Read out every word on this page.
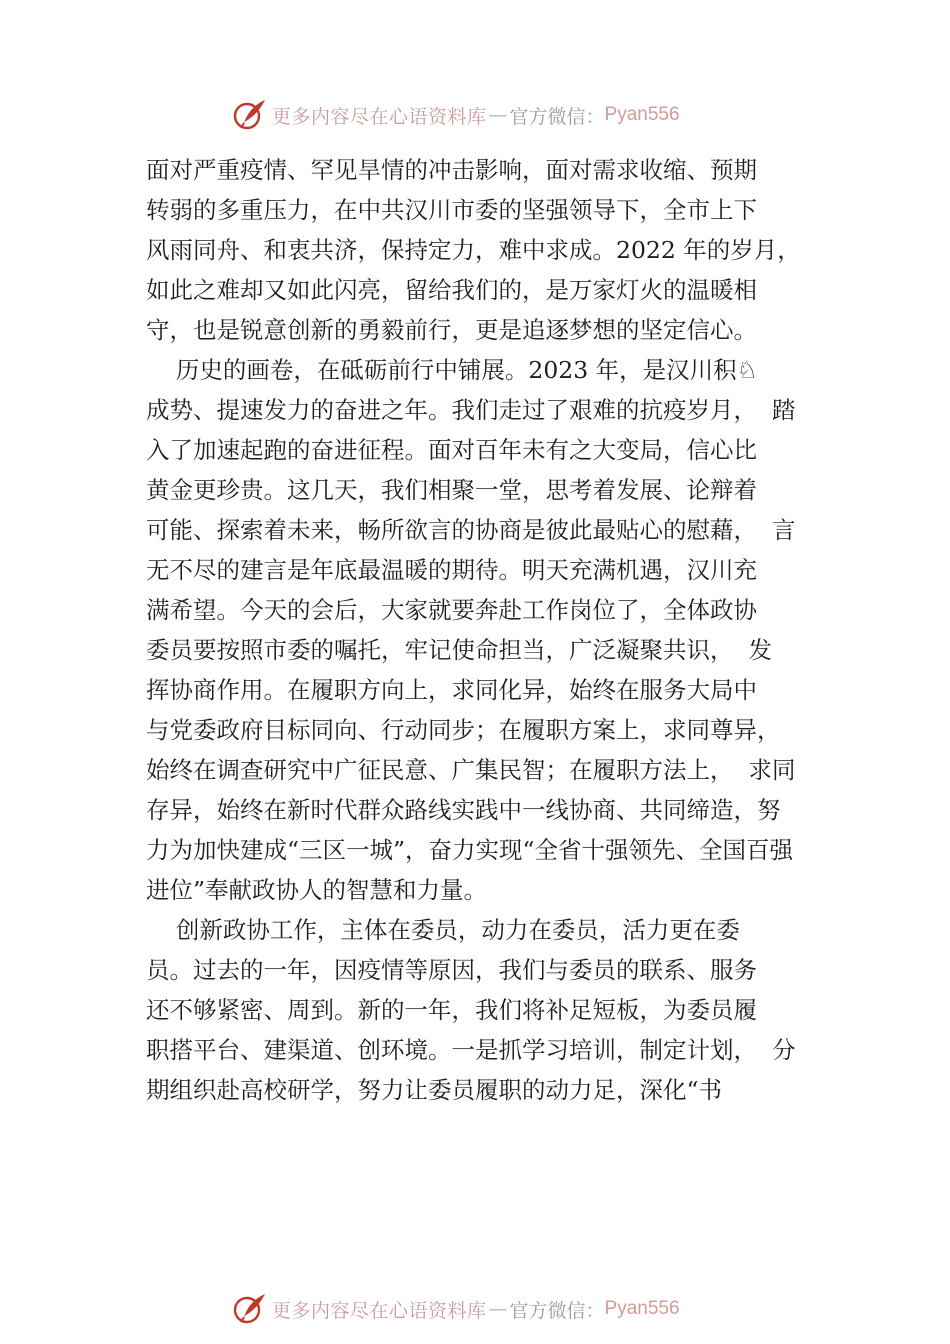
更多内容尽在心语资料库 — 官方微信： Pyan556
面对严重疫情、罕见旱情的冲击影响，面对需求收缩、预期
转弱的多重压力，在中共汉川市委的坚强领导下，全市上下
风雨同舟、和衷共济，保持定力，难中求成。2022 年的岁月，
如此之难却又如此闪亮，留给我们的，是万家灯火的温暖相
守，也是锐意创新的勇毅前行，更是追逐梦想的坚定信心。
历史的画卷，在砥砺前行中铺展。2023 年，是汉川积♘
成势、提速发力的奋进之年。我们走过了艰难的抗疫岁月，  踏
入了加速起跑的奋进征程。面对百年未有之大变局，信心比
黄金更珍贵。这几天，我们相聚一堂，思考着发展、论辩着
可能、探索着未来，畅所欲言的协商是彼此最贴心的慰藉，  言
无不尽的建言是年底最温暖的期待。明天充满机遇，汉川充
满希望。今天的会后，大家就要奔赴工作岗位了，全体政协
委员要按照市委的嘱托，牢记使命担当，广泛凝聚共识，  发
挥协商作用。在履职方向上，求同化异，始终在服务大局中
与党委政府目标同向、行动同步；在履职方案上，求同尊异，
始终在调查研究中广征民意、广集民智；在履职方法上，  求同
存异，始终在新时代群众路线实践中一线协商、共同缔造，努
力为加快建成“三区一城”，奋力实现“全省十强领先、全国百强
进位”奉献政协人的智慧和力量。
创新政协工作，主体在委员，动力在委员，活力更在委
员。过去的一年，因疫情等原因，我们与委员的联系、服务
还不够紧密、周到。新的一年，我们将补足短板，为委员履
职搭平台、建渠道、创环境。一是抓学习培训，制定计划，  分
期组织赴高校研学，努力让委员履职的动力足，深化“书
更多内容尽在心语资料库 — 官方微信： Pyan556
